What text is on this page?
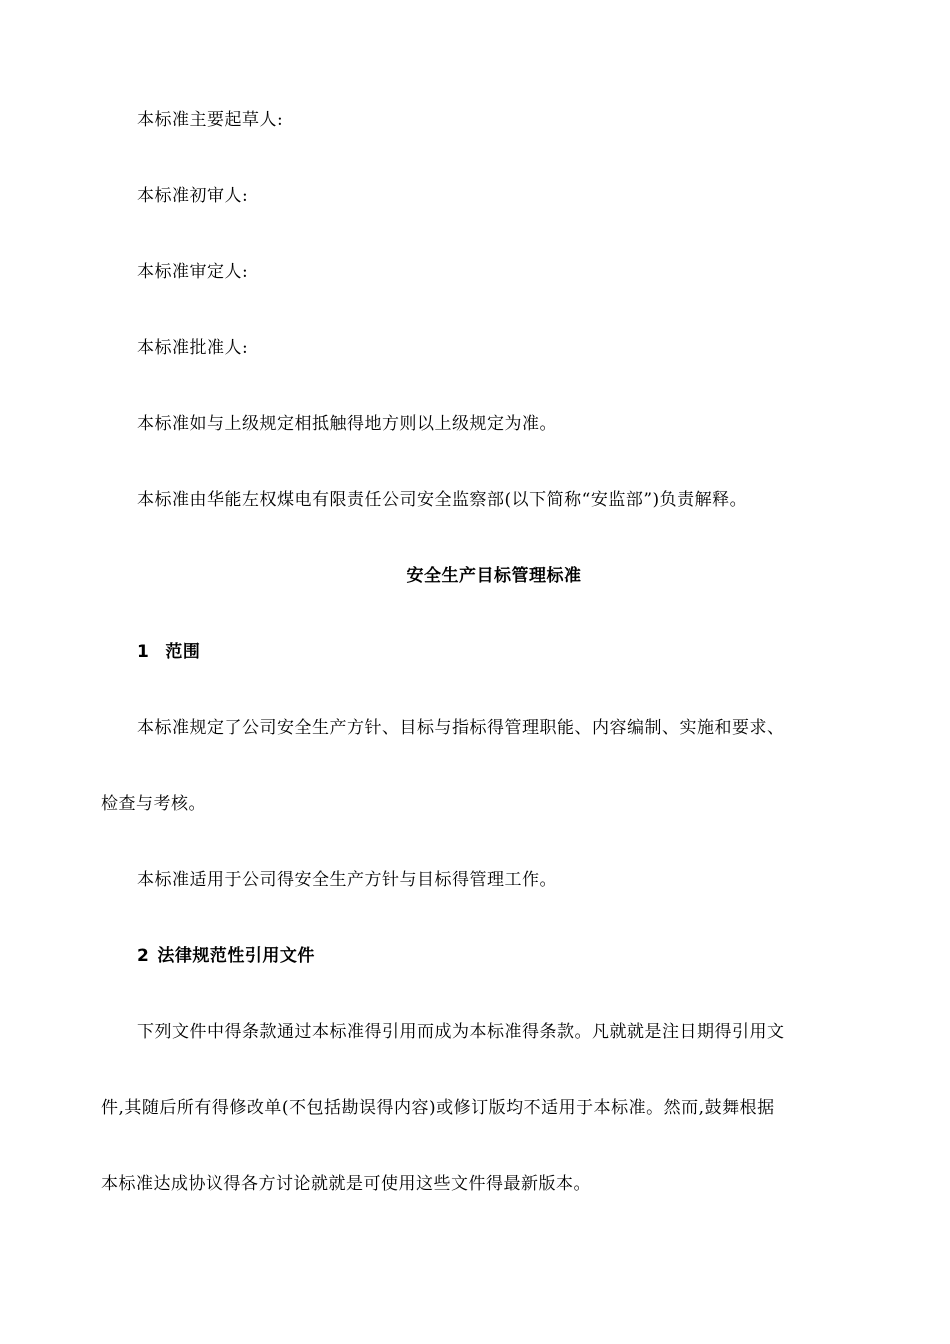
本标准主要起草人:
本标准初审人:
本标准审定人:
本标准批准人:
本标准如与上级规定相抵触得地方则以上级规定为准。
本标准由华能左权煤电有限责任公司安全监察部(以下简称“安监部”)负责解释。
安全生产目标管理标准
1 范围
本标准规定了公司安全生产方针、目标与指标得管理职能、内容编制、实施和要求、
检查与考核。
本标准适用于公司得安全生产方针与目标得管理工作。
2 法律规范性引用文件
下列文件中得条款通过本标准得引用而成为本标准得条款。凡就就是注日期得引用文
件,其随后所有得修改单(不包括勘误得内容)或修订版均不适用于本标准。然而,鼓舞根据
本标准达成协议得各方讨论就就是可使用这些文件得最新版本。
